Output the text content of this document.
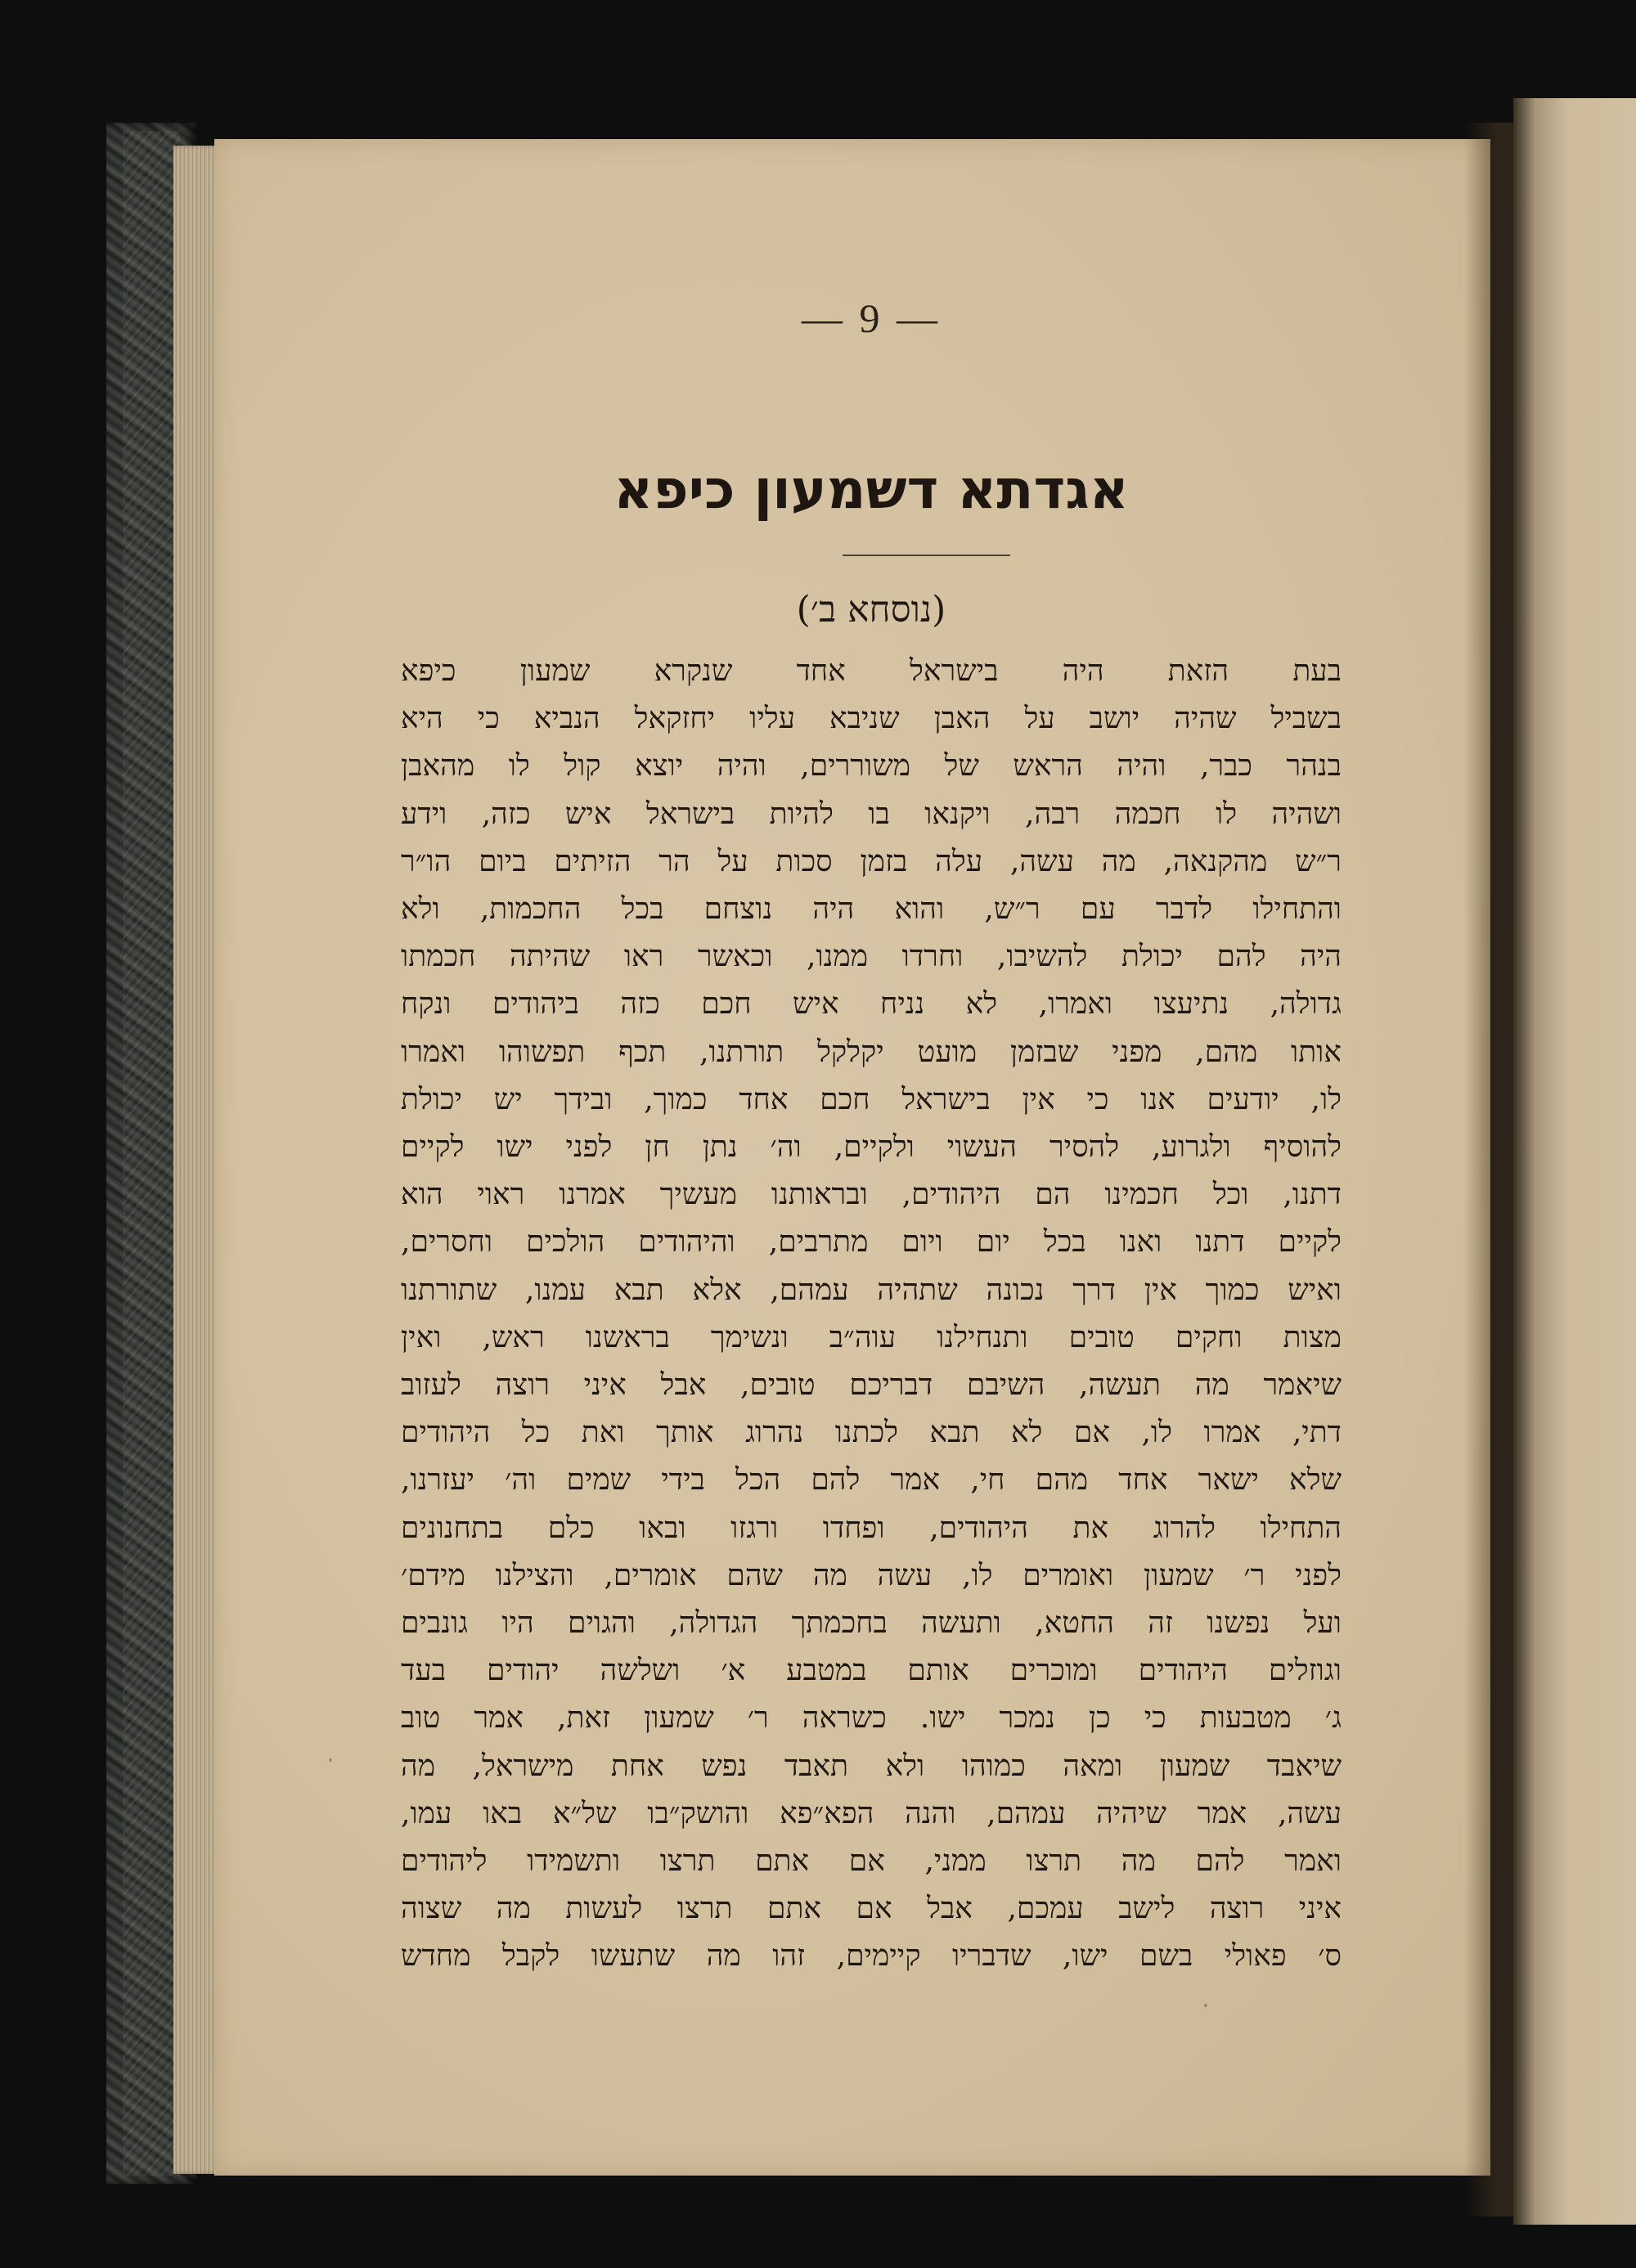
— 9 —
אגדתא דשמעון כיפא
(נוסחא ב׳)
בעת הזאת היה בישראל אחד שנקרא שמעון כיפא
בשביל שהיה יושב על האבן שניבא עליו יחזקאל הנביא כי היא
בנהר כבר, והיה הראש של משוררים, והיה יוצא קול לו מהאבן
ושהיה לו חכמה רבה, ויקנאו בו להיות בישראל איש כזה, וידע
ר״ש מהקנאה, מה עשה, עלה בזמן סכות על הר הזיתים ביום הו״ר
והתחילו לדבר עם ר״ש, והוא היה נוצחם בכל החכמות, ולא
היה להם יכולת להשיבו, וחרדו ממנו, וכאשר ראו שהיתה חכמתו
גדולה, נתיעצו ואמרו, לא נניח איש חכם כזה ביהודים ונקח
אותו מהם, מפני שבזמן מועט יקלקל תורתנו, תכף תפשוהו ואמרו
לו, יודעים אנו כי אין בישראל חכם אחד כמוך, ובידך יש יכולת
להוסיף ולגרוע, להסיר העשוי ולקיים, וה׳ נתן חן לפני ישו לקיים
דתנו, וכל חכמינו הם היהודים, ובראותנו מעשיך אמרנו ראוי הוא
לקיים דתנו ואנו בכל יום ויום מתרבים, והיהודים הולכים וחסרים,
ואיש כמוך אין דרך נכונה שתהיה עמהם, אלא תבא עמנו, שתורתנו
מצות וחקים טובים ותנחילנו עוה״ב ונשימך בראשנו ראש, ואין
שיאמר מה תעשה, השיבם דבריכם טובים, אבל איני רוצה לעזוב
דתי, אמרו לו, אם לא תבא לכתנו נהרוג אותך ואת כל היהודים
שלא ישאר אחד מהם חי, אמר להם הכל בידי שמים וה׳ יעזרנו,
התחילו להרוג את היהודים, ופחדו ורגזו ובאו כלם בתחנונים
לפני ר׳ שמעון ואומרים לו, עשה מה שהם אומרים, והצילנו מידם׳
ועל נפשנו זה החטא, ותעשה בחכמתך הגדולה, והגוים היו גונבים
וגוזלים היהודים ומוכרים אותם במטבע א׳ ושלשה יהודים בעד
ג׳ מטבעות כי כן נמכר ישו. כשראה ר׳ שמעון זאת, אמר טוב
שיאבד שמעון ומאה כמוהו ולא תאבד נפש אחת מישראל, מה
עשה, אמר שיהיה עמהם, והנה הפא״פא והושק״בו של״א באו עמו,
ואמר להם מה תרצו ממני, אם אתם תרצו ותשמידו ליהודים
איני רוצה לישב עמכם, אבל אם אתם תרצו לעשות מה שצוה
ס׳ פאולי בשם ישו, שדבריו קיימים, זהו מה שתעשו לקבל מחדש
